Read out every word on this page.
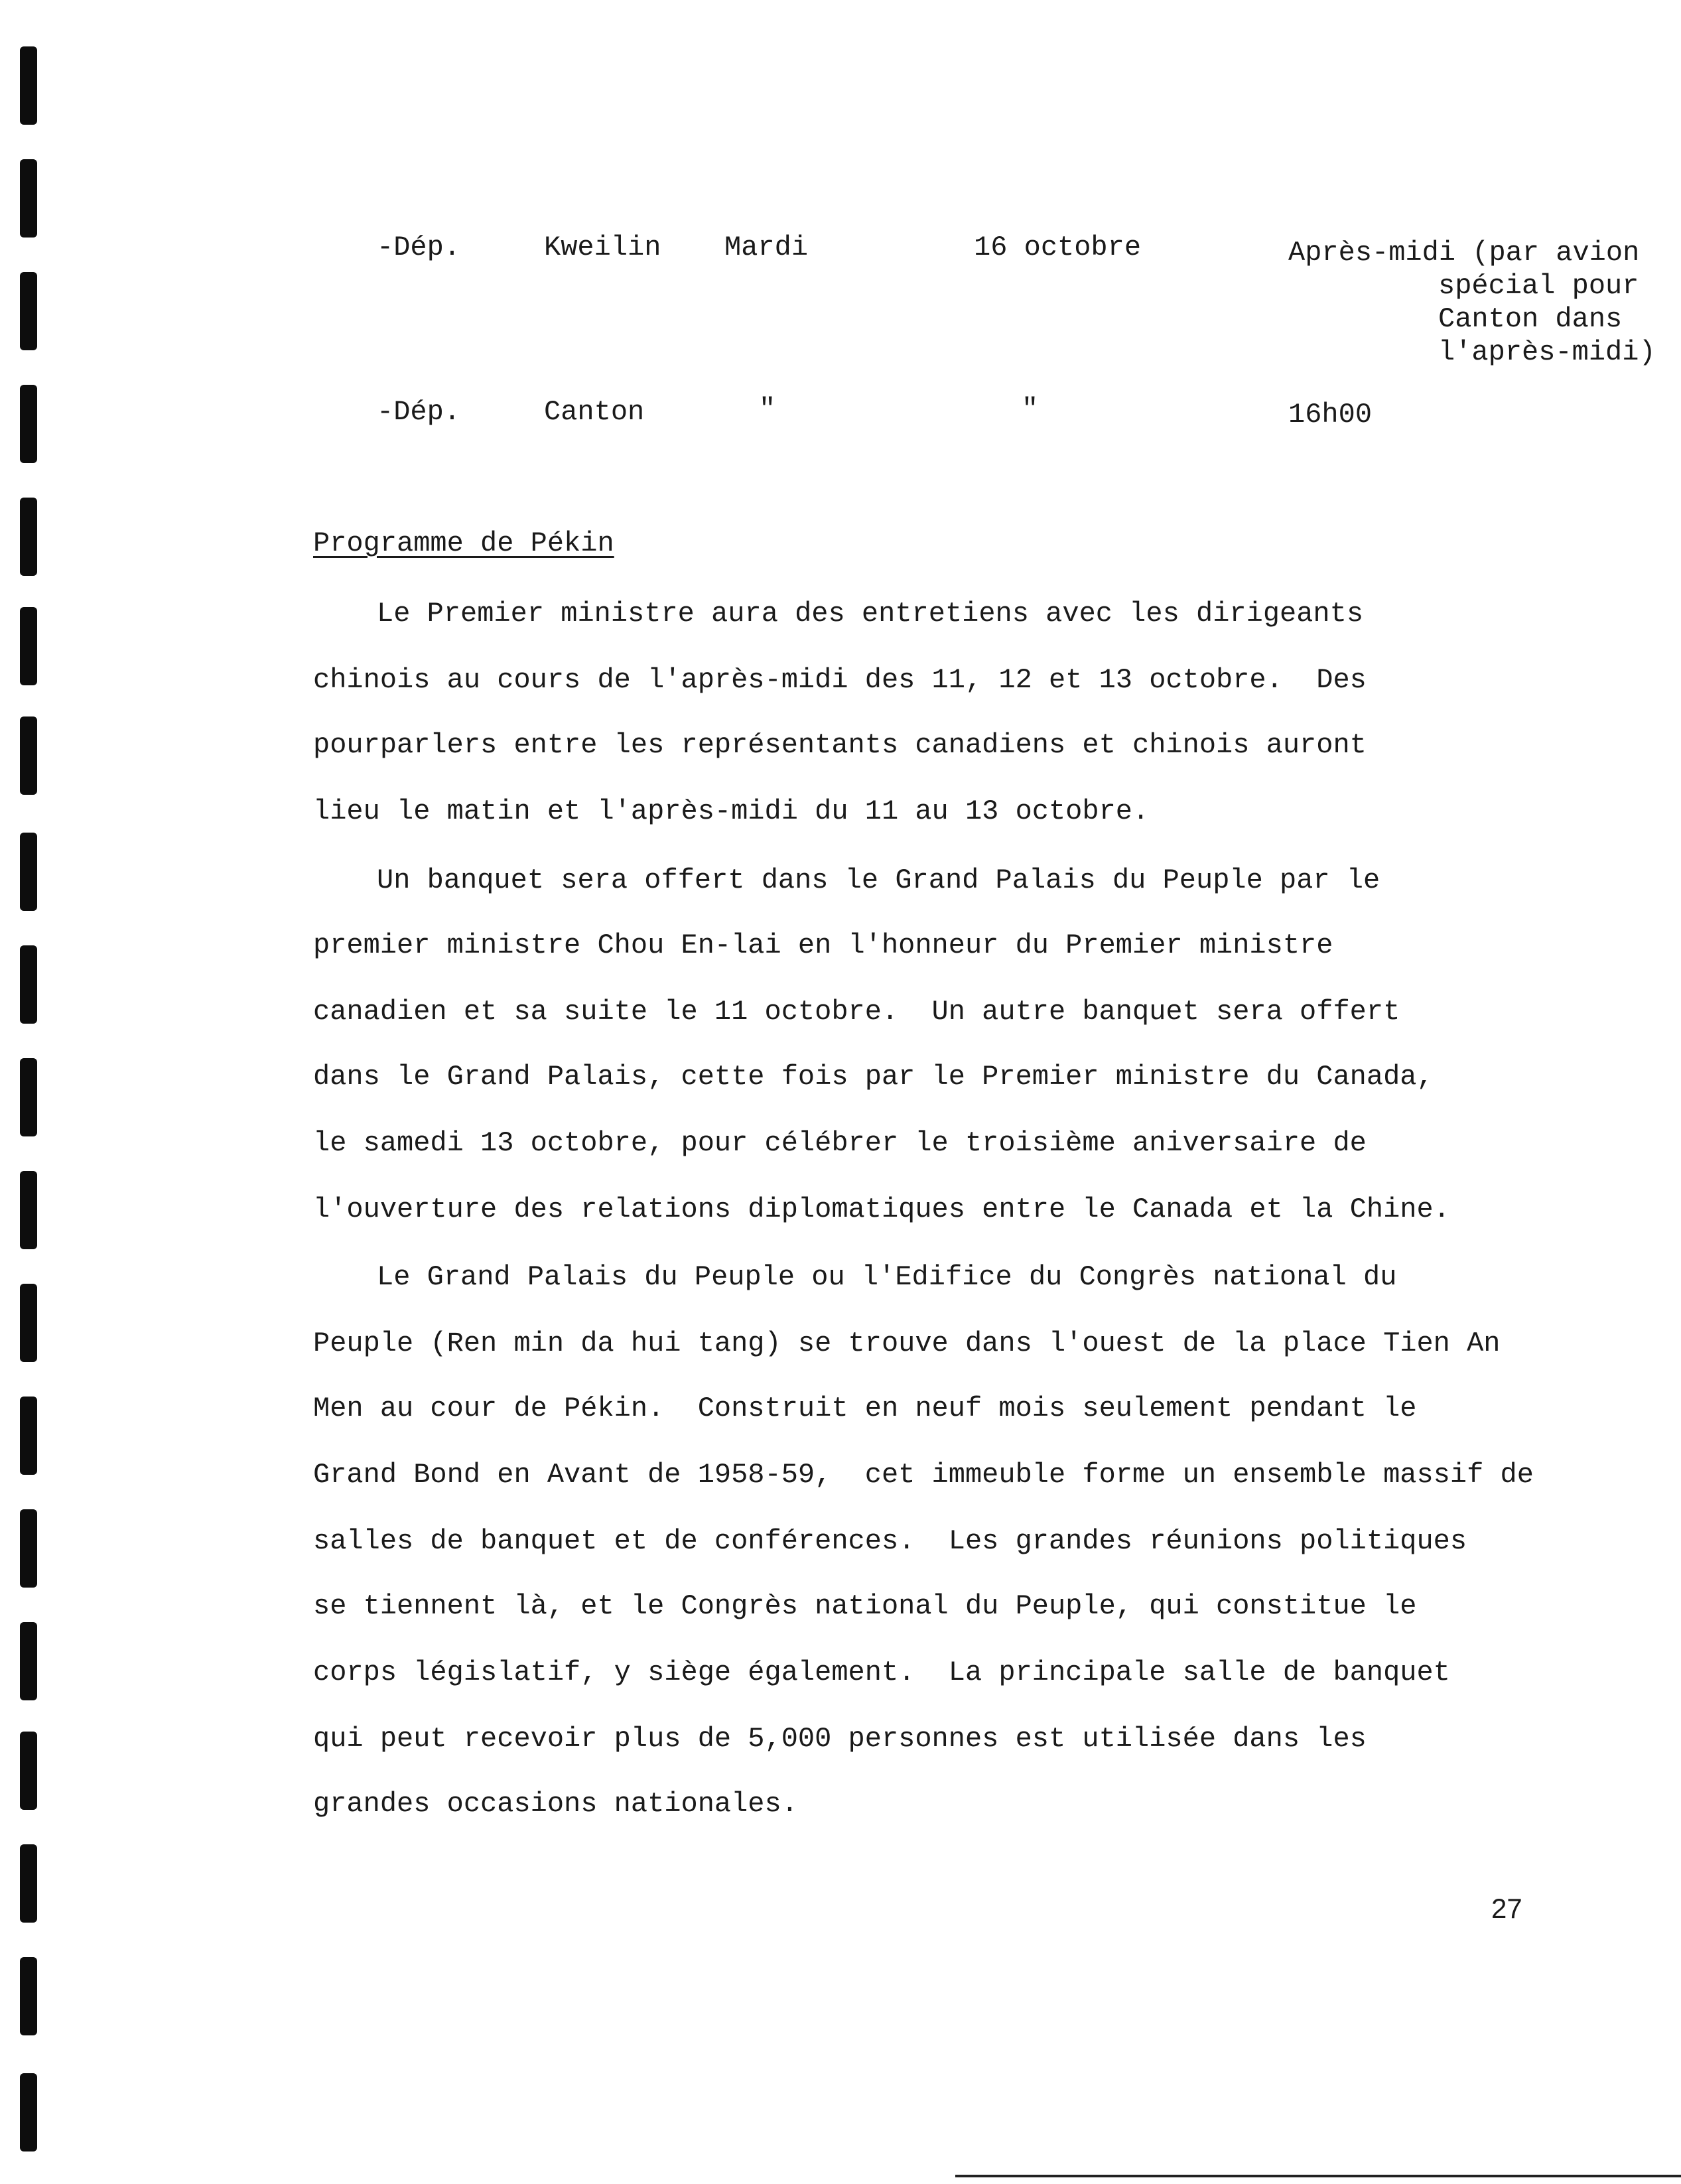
-Dép.	Kweilin Mardi	16 octobre	Après-midi (par avion
spécial pour
Canton dans
l'après-midi)
-Dép.	Canton	"	"	16h00
Programme de Pékin
Le Premier ministre aura des entretiens avec les dirigeants
chinois au cours de l'après-midi des 11, 12 et 13 octobre.  Des
pourparlers entre les représentants canadiens et chinois auront
lieu le matin et l'après-midi du 11 au 13 octobre.
Un banquet sera offert dans le Grand Palais du Peuple par le
premier ministre Chou En-lai en l'honneur du Premier ministre
canadien et sa suite le 11 octobre.  Un autre banquet sera offert
dans le Grand Palais, cette fois par le Premier ministre du Canada,
le samedi 13 octobre, pour célébrer le troisième aniversaire de
l'ouverture des relations diplomatiques entre le Canada et la Chine.
Le Grand Palais du Peuple ou l'Edifice du Congrès national du
Peuple (Ren min da hui tang) se trouve dans l'ouest de la place Tien An
Men au cour de Pékin.  Construit en neuf mois seulement pendant le
Grand Bond en Avant de 1958-59,  cet immeuble forme un ensemble massif de
salles de banquet et de conférences.  Les grandes réunions politiques
se tiennent là, et le Congrès national du Peuple, qui constitue le
corps législatif, y siège également.  La principale salle de banquet
qui peut recevoir plus de 5,000 personnes est utilisée dans les
grandes occasions nationales.
27
